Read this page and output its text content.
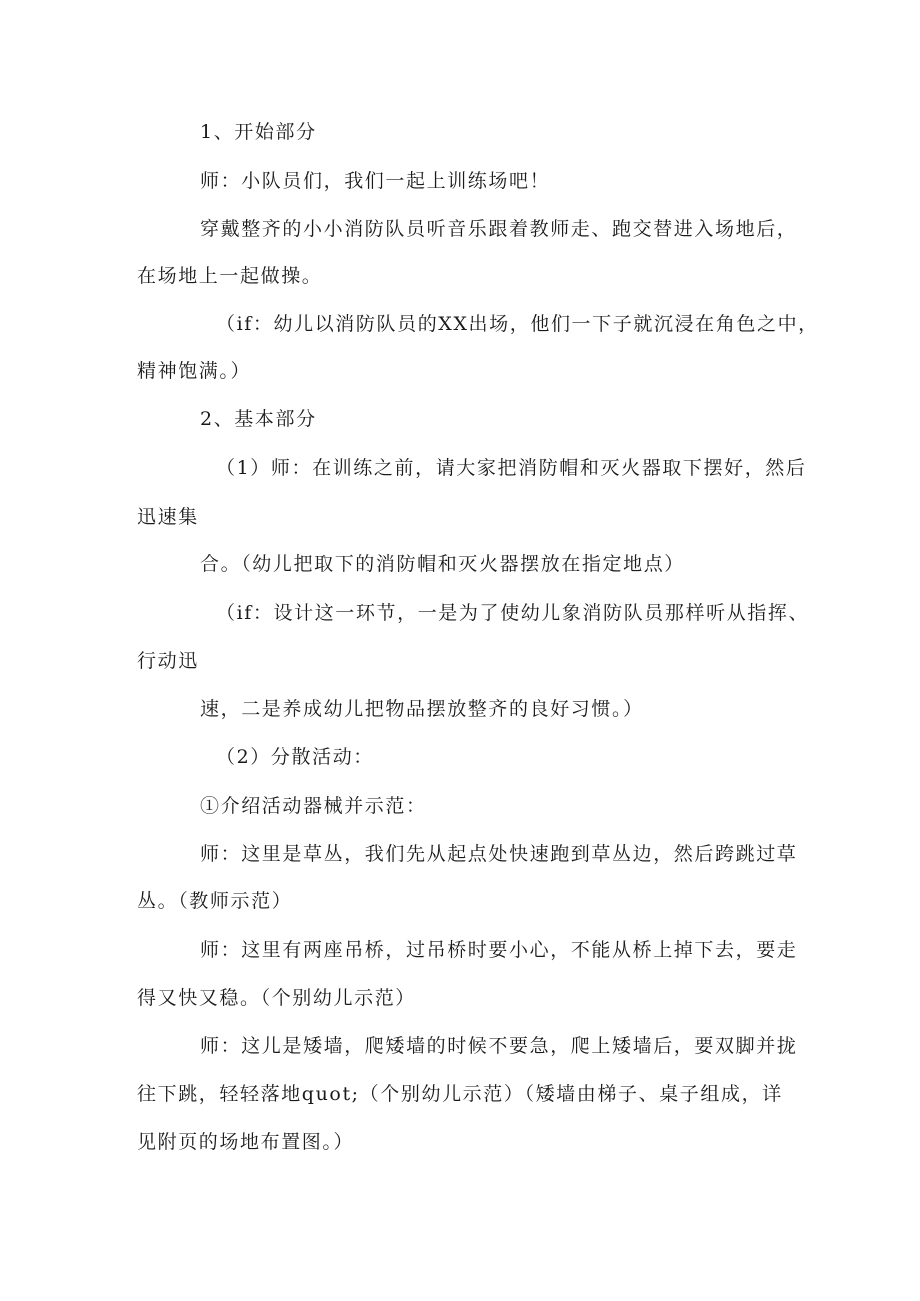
1、开始部分
师：小队员们，我们一起上训练场吧！
穿戴整齐的小小消防队员听音乐跟着教师走、跑交替进入场地后，
在场地上一起做操。
（if：幼儿以消防队员的XX出场，他们一下子就沉浸在角色之中，
精神饱满。）
2、基本部分
（1）师：在训练之前，请大家把消防帽和灭火器取下摆好，然后
迅速集
合。（幼儿把取下的消防帽和灭火器摆放在指定地点）
（if：设计这一环节，一是为了使幼儿象消防队员那样听从指挥、
行动迅
速，二是养成幼儿把物品摆放整齐的良好习惯。）
（2）分散活动：
①介绍活动器械并示范：
师：这里是草丛，我们先从起点处快速跑到草丛边，然后跨跳过草
丛。（教师示范）
师：这里有两座吊桥，过吊桥时要小心，不能从桥上掉下去，要走
得又快又稳。（个别幼儿示范）
师：这儿是矮墙，爬矮墙的时候不要急，爬上矮墙后，要双脚并拢
往下跳，轻轻落地quot;（个别幼儿示范）（矮墙由梯子、桌子组成，详
见附页的场地布置图。）
